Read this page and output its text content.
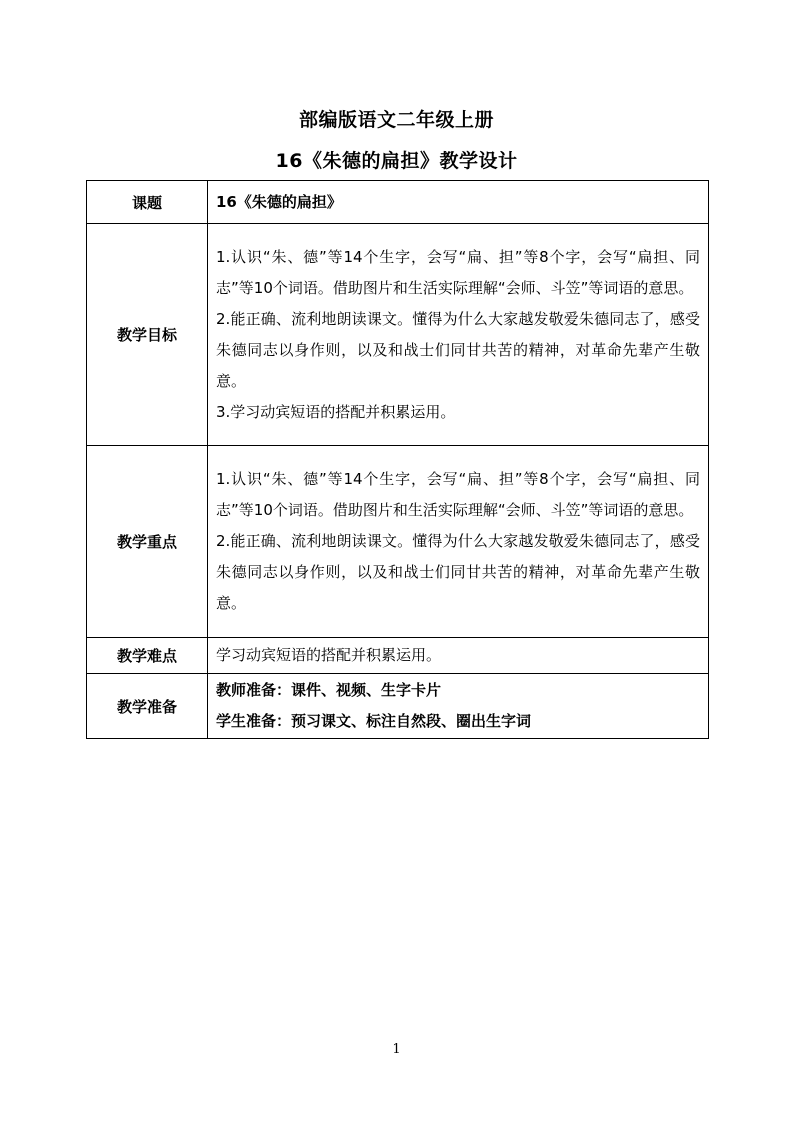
部编版语文二年级上册
16《朱德的扁担》教学设计
课题	16《朱德的扁担》

教学目标	1.认识“朱、德”等14个生字，会写“扁、担”等8个字，会写“扁担、同志”等10个词语。借助图片和生活实际理解“会师、斗笠”等词语的意思。

2.能正确、流利地朗读课文。懂得为什么大家越发敬爱朱德同志了，感受朱德同志以身作则，以及和战士们同甘共苦的精神，对革命先辈产生敬意。

3.学习动宾短语的搭配并积累运用。

教学重点	1.认识“朱、德”等14个生字，会写“扁、担”等8个字，会写“扁担、同志”等10个词语。借助图片和生活实际理解“会师、斗笠”等词语的意思。

2.能正确、流利地朗读课文。懂得为什么大家越发敬爱朱德同志了，感受朱德同志以身作则，以及和战士们同甘共苦的精神，对革命先辈产生敬意。

教学难点	学习动宾短语的搭配并积累运用。

教学准备	教师准备：课件、视频、生字卡片

学生准备：预习课文、标注自然段、圈出生字词

1
